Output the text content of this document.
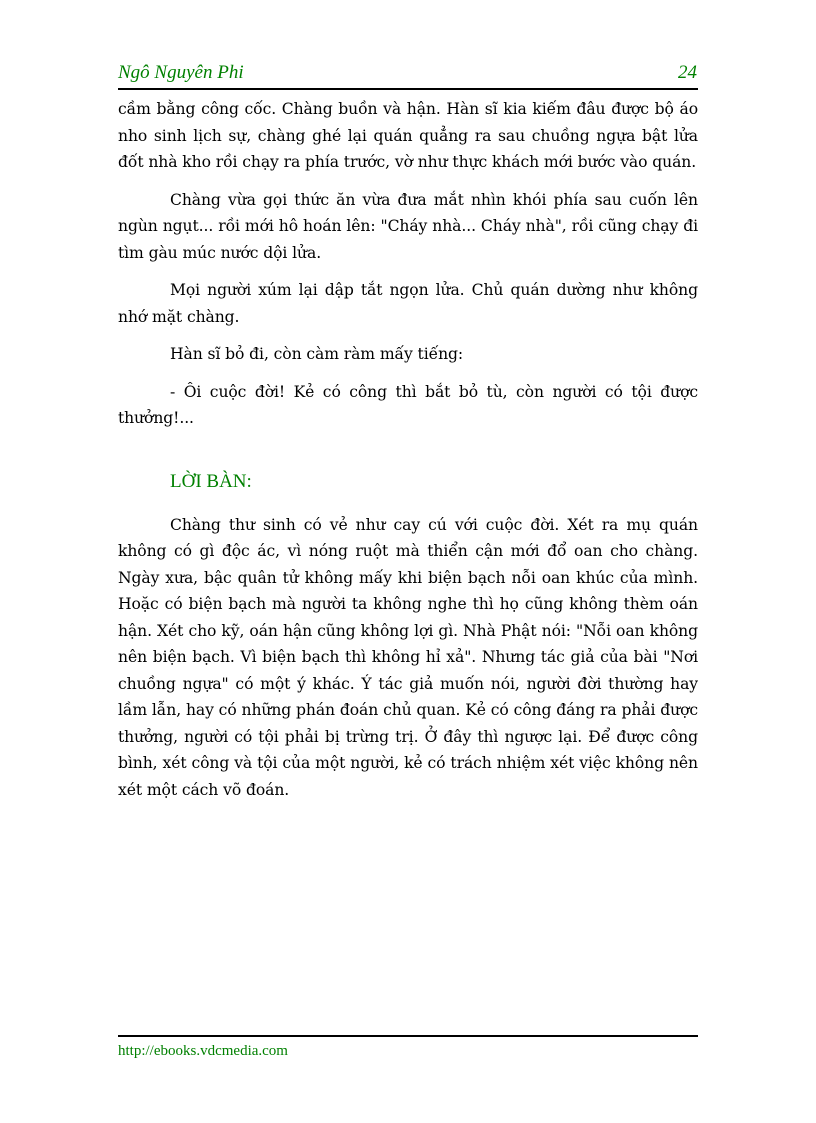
Ngô Nguyên Phi	24

cầm bằng công cốc. Chàng buồn và hận. Hàn sĩ kia kiếm đâu được bộ áo nho sinh lịch sự, chàng ghé lại quán quẳng ra sau chuồng ngựa bật lửa đốt nhà kho rồi chạy ra phía trước, vờ như thực khách mới bước vào quán.

Chàng vừa gọi thức ăn vừa đưa mắt nhìn khói phía sau cuốn lên ngùn ngụt... rồi mới hô hoán lên: "Cháy nhà... Cháy nhà", rồi cũng chạy đi tìm gàu múc nước dội lửa.

Mọi người xúm lại dập tắt ngọn lửa. Chủ quán dường như không nhớ mặt chàng.

Hàn sĩ bỏ đi, còn càm ràm mấy tiếng:

- Ôi cuộc đời! Kẻ có công thì bắt bỏ tù, còn người có tội được thưởng!...

LỜI BÀN:

Chàng thư sinh có vẻ như cay cú với cuộc đời. Xét ra mụ quán không có gì độc ác, vì nóng ruột mà thiển cận mới đổ oan cho chàng. Ngày xưa, bậc quân tử không mấy khi biện bạch nỗi oan khúc của mình. Hoặc có biện bạch mà người ta không nghe thì họ cũng không thèm oán hận. Xét cho kỹ, oán hận cũng không lợi gì. Nhà Phật nói: "Nỗi oan không nên biện bạch. Vì biện bạch thì không hỉ xả". Nhưng tác giả của bài "Nơi chuồng ngựa" có một ý khác. Ý tác giả muốn nói, người đời thường hay lầm lẫn, hay có những phán đoán chủ quan. Kẻ có công đáng ra phải được thưởng, người có tội phải bị trừng trị. Ở đây thì ngược lại. Để được công bình, xét công và tội của một người, kẻ có trách nhiệm xét việc không nên xét một cách võ đoán.

http://ebooks.vdcmedia.com
